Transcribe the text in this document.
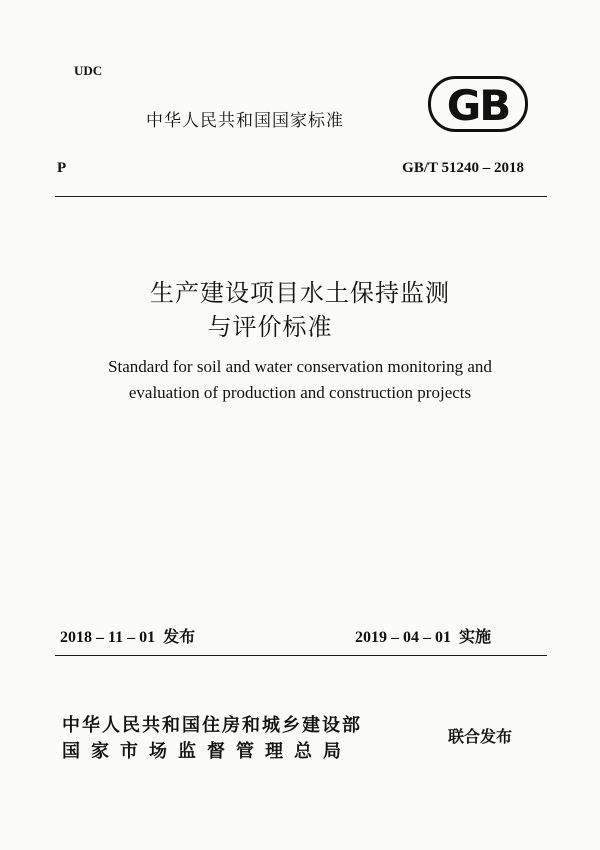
UDC
中华人民共和国国家标准 GB
P	GB/T 51240 – 2018
生产建设项目水土保持监测
与评价标准
Standard for soil and water conservation monitoring and
evaluation of production and construction projects
2018 – 11 – 01 发布	2019 – 04 – 01 实施
中华人民共和国住房和城乡建设部
国家市场监督管理总局
联合发布
